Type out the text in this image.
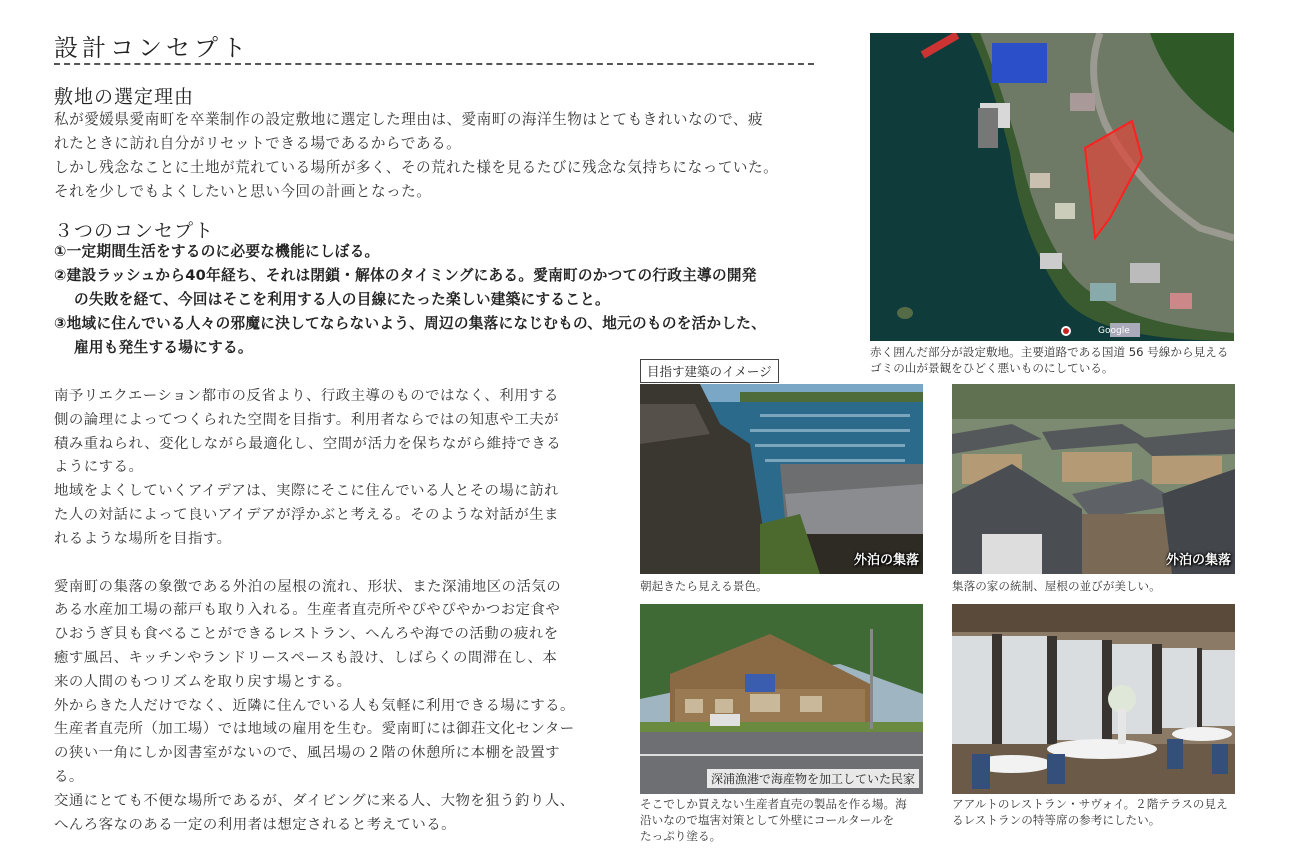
設計コンセプト
敷地の選定理由

私が愛媛県愛南町を卒業制作の設定敷地に選定した理由は、愛南町の海洋生物はとてもきれいなので、疲

れたときに訪れ自分がリセットできる場であるからである。

しかし残念なことに土地が荒れている場所が多く、その荒れた様を見るたびに残念な気持ちになっていた。

それを少しでもよくしたいと思い今回の計画となった。

３つのコンセプト

①一定期間生活をするのに必要な機能にしぼる。

②建設ラッシュから40年経ち、それは閉鎖・解体のタイミングにある。愛南町のかつての行政主導の開発

の失敗を経て、今回はそこを利用する人の目線にたった楽しい建築にすること。

③地域に住んでいる人々の邪魔に決してならないよう、周辺の集落になじむもの、地元のものを活かした、

雇用も発生する場にする。

南予リエクエーション都市の反省より、行政主導のものではなく、利用する

側の論理によってつくられた空間を目指す。利用者ならではの知恵や工夫が

積み重ねられ、変化しながら最適化し、空間が活力を保ちながら維持できる

ようにする。

地域をよくしていくアイデアは、実際にそこに住んでいる人とその場に訪れ

た人の対話によって良いアイデアが浮かぶと考える。そのような対話が生ま

れるような場所を目指す。

愛南町の集落の象徴である外泊の屋根の流れ、形状、また深浦地区の活気の

ある水産加工場の蔀戸も取り入れる。生産者直売所やぴやぴやかつお定食や

ひおうぎ貝も食べることができるレストラン、へんろや海での活動の疲れを

癒す風呂、キッチンやランドリースペースも設け、しばらくの間滞在し、本

来の人間のもつリズムを取り戻す場とする。

外からきた人だけでなく、近隣に住んでいる人も気軽に利用できる場にする。

生産者直売所（加工場）では地域の雇用を生む。愛南町には御荘文化センター

の狭い一角にしか図書室がないので、風呂場の２階の休憩所に本棚を設置す

る。

交通にとても不便な場所であるが、ダイビングに来る人、大物を狙う釣り人、

へんろ客なのある一定の利用者は想定されると考えている。

Google
赤く囲んだ部分が設定敷地。主要道路である国道 56 号線から見える
ゴミの山が景観をひどく悪いものにしている。
目指す建築のイメージ
外泊の集落
朝起きたら見える景色。
外泊の集落
集落の家の統制、屋根の並びが美しい。
深浦漁港で海産物を加工していた民家
そこでしか買えない生産者直売の製品を作る場。海
沿いなので塩害対策として外壁にコールタールを
たっぷり塗る。
アアルトのレストラン・サヴォイ。２階テラスの見え
るレストランの特等席の参考にしたい。
